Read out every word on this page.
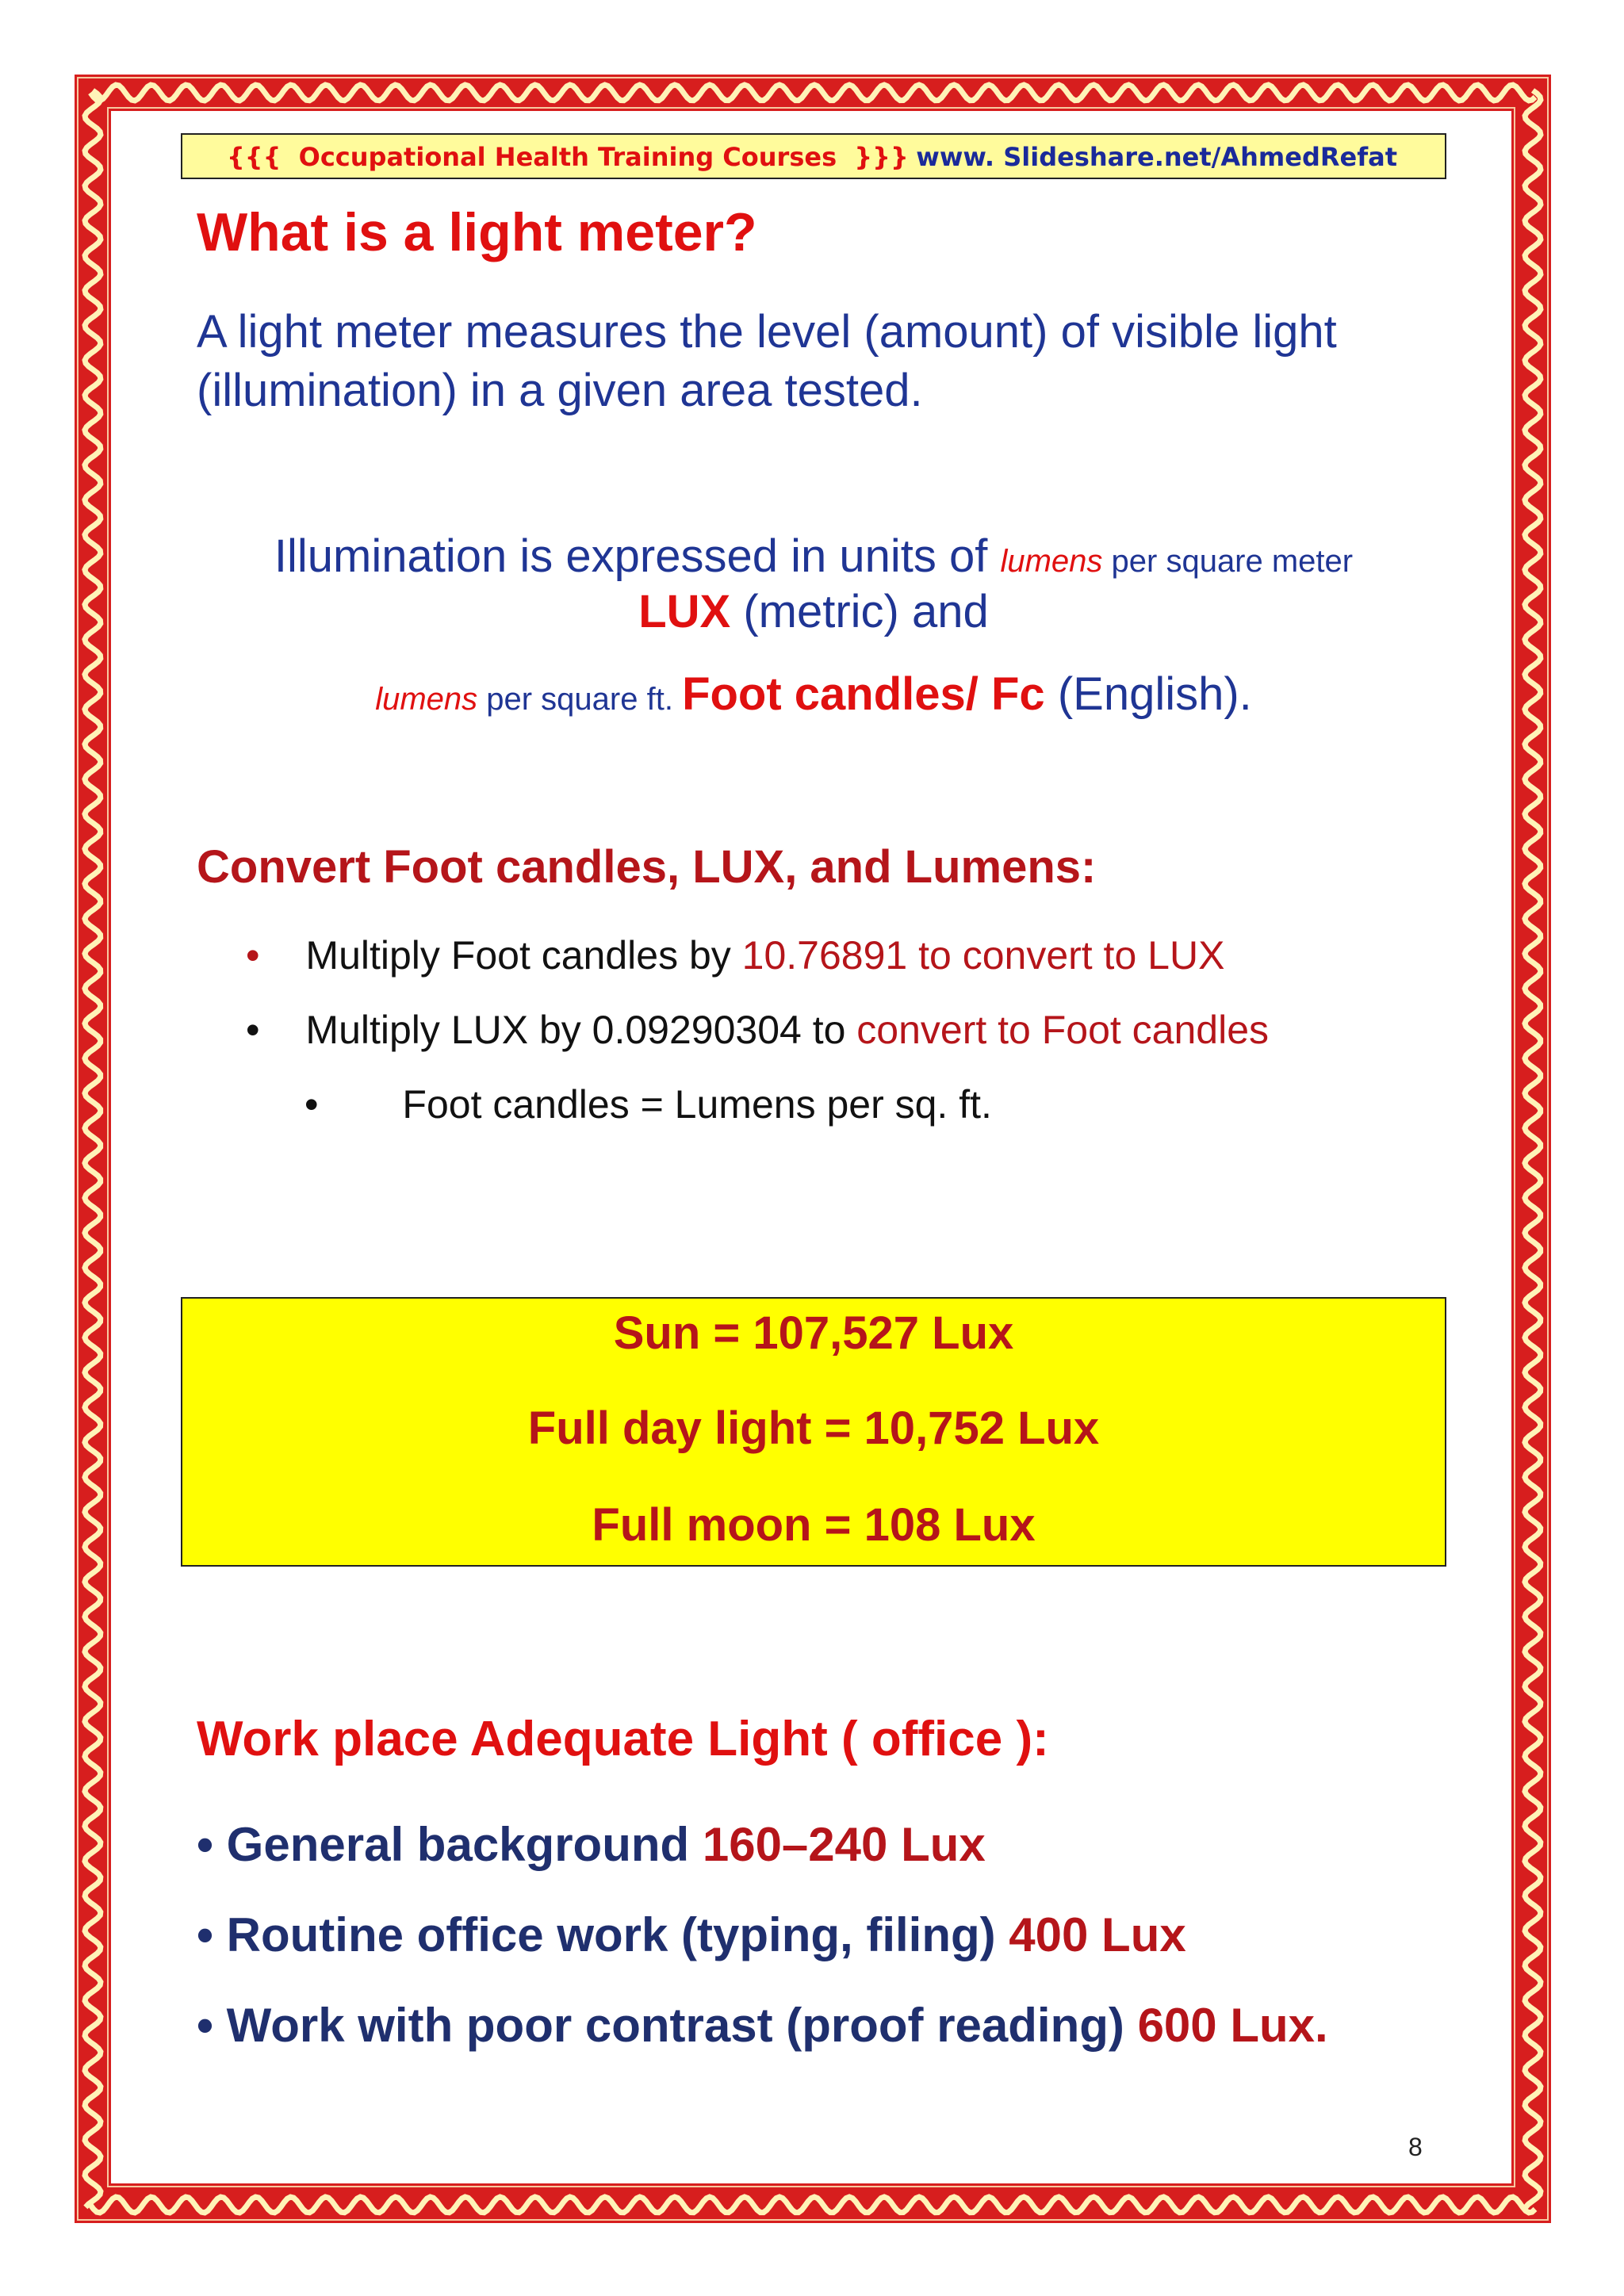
{{{ Occupational Health Training Courses }}} www. Slideshare.net/AhmedRefat
What is a light meter?
A light meter measures the level (amount) of visible light
(illumination) in a given area tested.
Illumination is expressed in units of lumens per square meter
LUX (metric) and
lumens per square ft. Foot candles/ Fc (English).
Convert Foot candles, LUX, and Lumens:
• Multiply Foot candles by 10.76891 to convert to LUX
• Multiply LUX by 0.09290304 to convert to Foot candles
• Foot candles = Lumens per sq. ft.
Sun = 107,527 Lux
Full day light = 10,752 Lux
Full moon = 108 Lux
Work place Adequate Light ( office ):
• General background 160–240 Lux
• Routine office work (typing, filing) 400 Lux
• Work with poor contrast (proof reading) 600 Lux.
8
